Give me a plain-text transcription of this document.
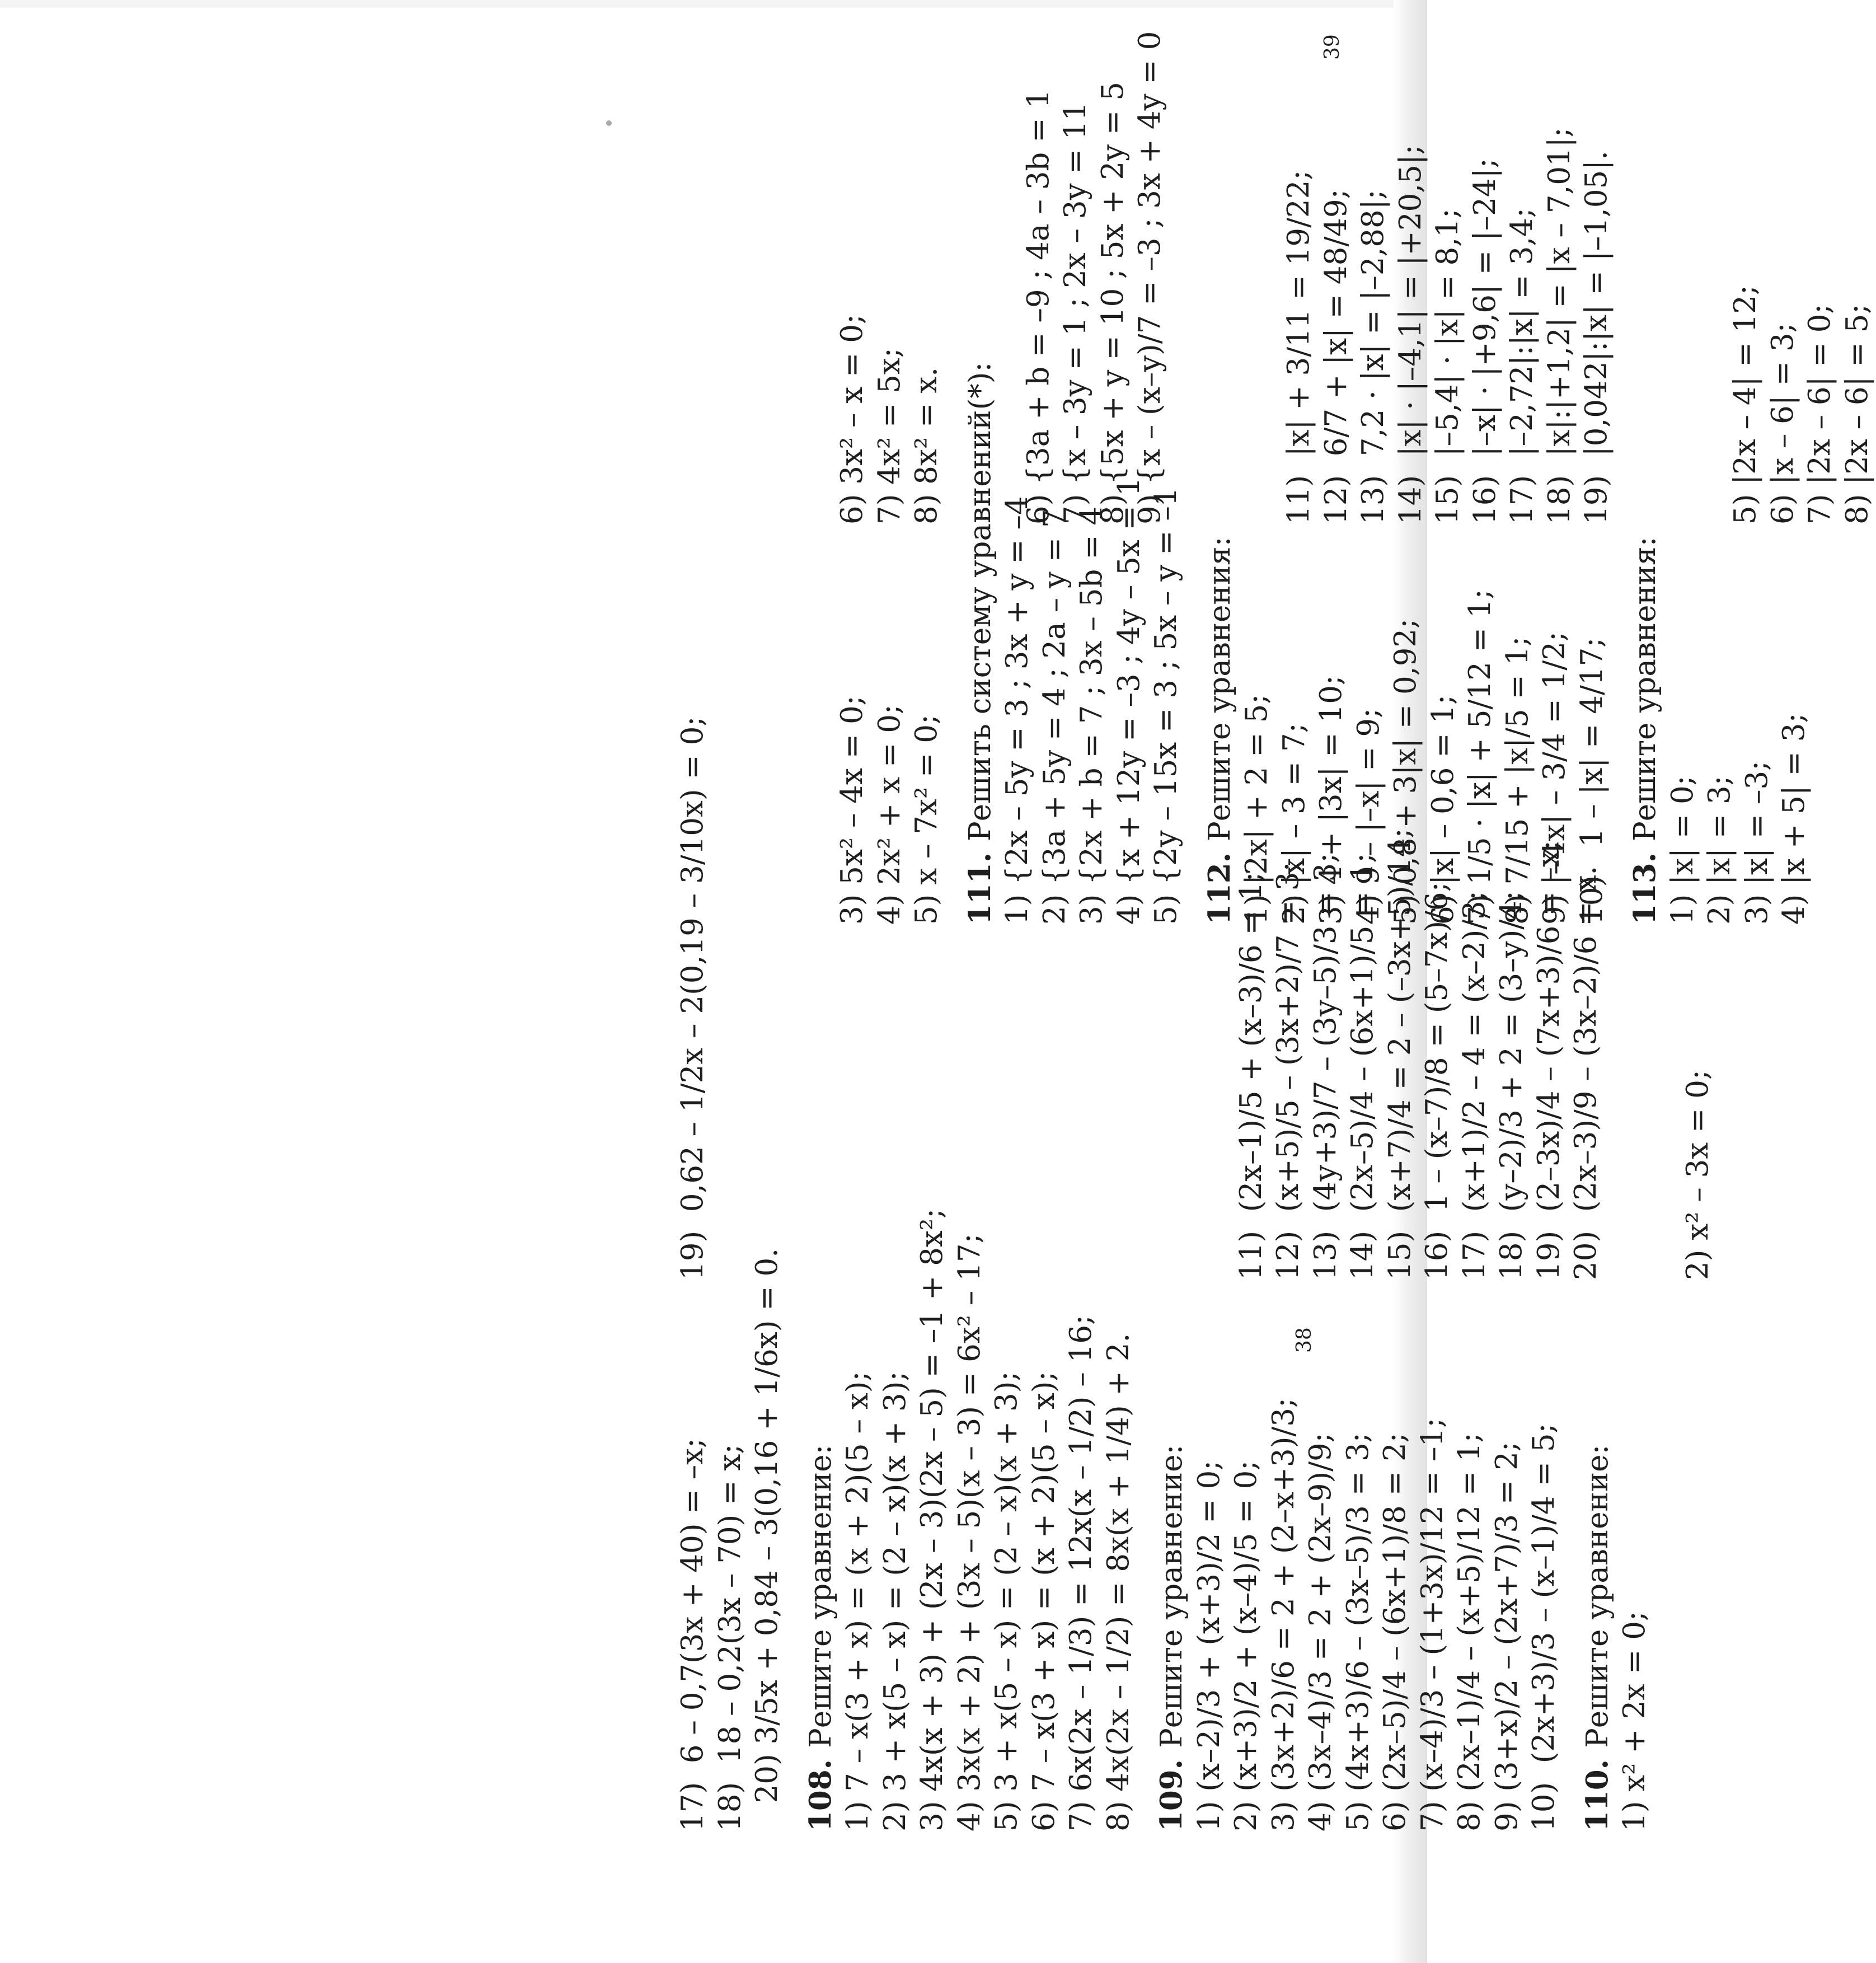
17)  6 – 0,7(3x + 40) = –x; 18)  18 – 0,2(3x – 70) = x; 20) 3/5x + 0,84 – 3(0,16 + 1/6x) = 0. 108.Решите уравнение: 1) 7 – x(3 + x) = (x + 2)(5 – x); 2) 3 + x(5 – x) = (2 – x)(x + 3); 3) 4x(x + 3) + (2x – 3)(2x – 5) = –1 + 8x²; 4) 3x(x + 2) + (3x – 5)(x – 3) = 6x² – 17; 5) 3 + x(5 – x) = (2 – x)(x + 3); 6) 7 – x(3 + x) = (x + 2)(5 – x); 7) 6x(2x – 1/3) = 12x(x – 1/2) – 16; 8) 4x(2x – 1/2) = 8x(x + 1/4) + 2. 109.Решите уравнение: 1) (x–2)/3 + (x+3)/2 = 0; 2) (x+3)/2 + (x–4)/5 = 0; 3) (3x+2)/6 = 2 + (2–x+3)/3; 4) (3x–4)/3 = 2 + (2x–9)/9; 5) (4x+3)/6 – (3x–5)/3 = 3; 6) (2x–5)/4 – (6x+1)/8 = 2; 7) (x–4)/3 – (1+3x)/12 = –1; 8) (2x–1)/4 – (x+5)/12 = 1; 9) (3+x)/2 – (2x+7)/3 = 2; 10)  (2x+3)/3 – (x–1)/4 = 5; 110.Решите уравнение: 1) x² + 2x = 0;
19)  0,62 – 1/2x – 2(0,19 – 3/10x) = 0;	11)  (2x–1)/5 + (x–3)/6 = 1; 12)  (x+5)/5 – (3x+2)/7 = 3; 13)  (4y+3)/7 – (3y–5)/3 = 3; 14)  (2x–5)/4 – (6x+1)/5 = 1; 15)  (x+7)/4 = 2 – (–3x+5)/14; 16)  1 – (x–7)/8 = (5–7x)/6; 17)  (x+1)/2 – 4 = (x–2)/3; 18)  (y–2)/3 + 2 = (3–y)/4; 19)  (2–3x)/4 – (7x+3)/6 = –x; 20)  (2x–3)/9 – (3x–2)/6 = x.	2) x² – 3x = 0;
38
3) 5x² – 4x = 0; 4) 2x² + x = 0; 5) x – 7x² = 0; 111.Решить систему уравнений(*): 1) {2x – 5y = 3 ; 3x + y = –4 2) {3a + 5y = 4 ; 2a – y = 7 3) {2x + b = 7 ; 3x – 5b = 4 4) {x + 12y = –3 ; 4y – 5x = 1 5) {2y – 15x = 3 ; 5x – y = –1 112.Решите уравнения: 1) |2x| + 2 = 5; 2) |x| – 3 = 7; 3) 4 + |3x| = 10; 4) 9 – |–x| = 9; 5) 0,8 + 3|x| = 0,92; 6) |x| – 0,6 = 1; 7) 1/5 · |x| + 5/12 = 1; 8) 7/15 + |x|/5 = 1; 9) |–4x| – 3/4 = 1/2; 10)   1 – |x| = 4/17; 113.Решите уравнения:
1) |x| = 0; 2) |x| = 3; 3) |x| = –3; 4) |x + 5| = 3;
6) 3x² – x = 0; 7) 4x² = 5x; 8) 8x² = x.	6) {3a + b = –9 ; 4a – 3b = 1 7) {x – 3y = 1 ; 2x – 3y = 11 8) {5x + y = 10 ; 5x + 2y = 5 9) {x – (x–y)/7 = –3 ; 3x + 4y = 0	11)  |x| + 3/11 = 19/22; 12)  6/7 + |x| = 48/49; 13)  7,2 · |x| = |–2,88|; 14)  |x| · |–4,1| = |+20,5|; 15)  |–5,4| · |x| = 8,1; 16)  |–x| · |+9,6| = |–24|; 17)  |–2,72|:|x| = 3,4; 18)  |x|:|+1,2| = |x – 7,01|; 19)  |0,042|:|x| = |–1,05|.	5) |2x – 4| = 12; 6) |x – 6| = 3; 7) |2x – 6| = 0; 8) |2x – 6| = 5;
39
